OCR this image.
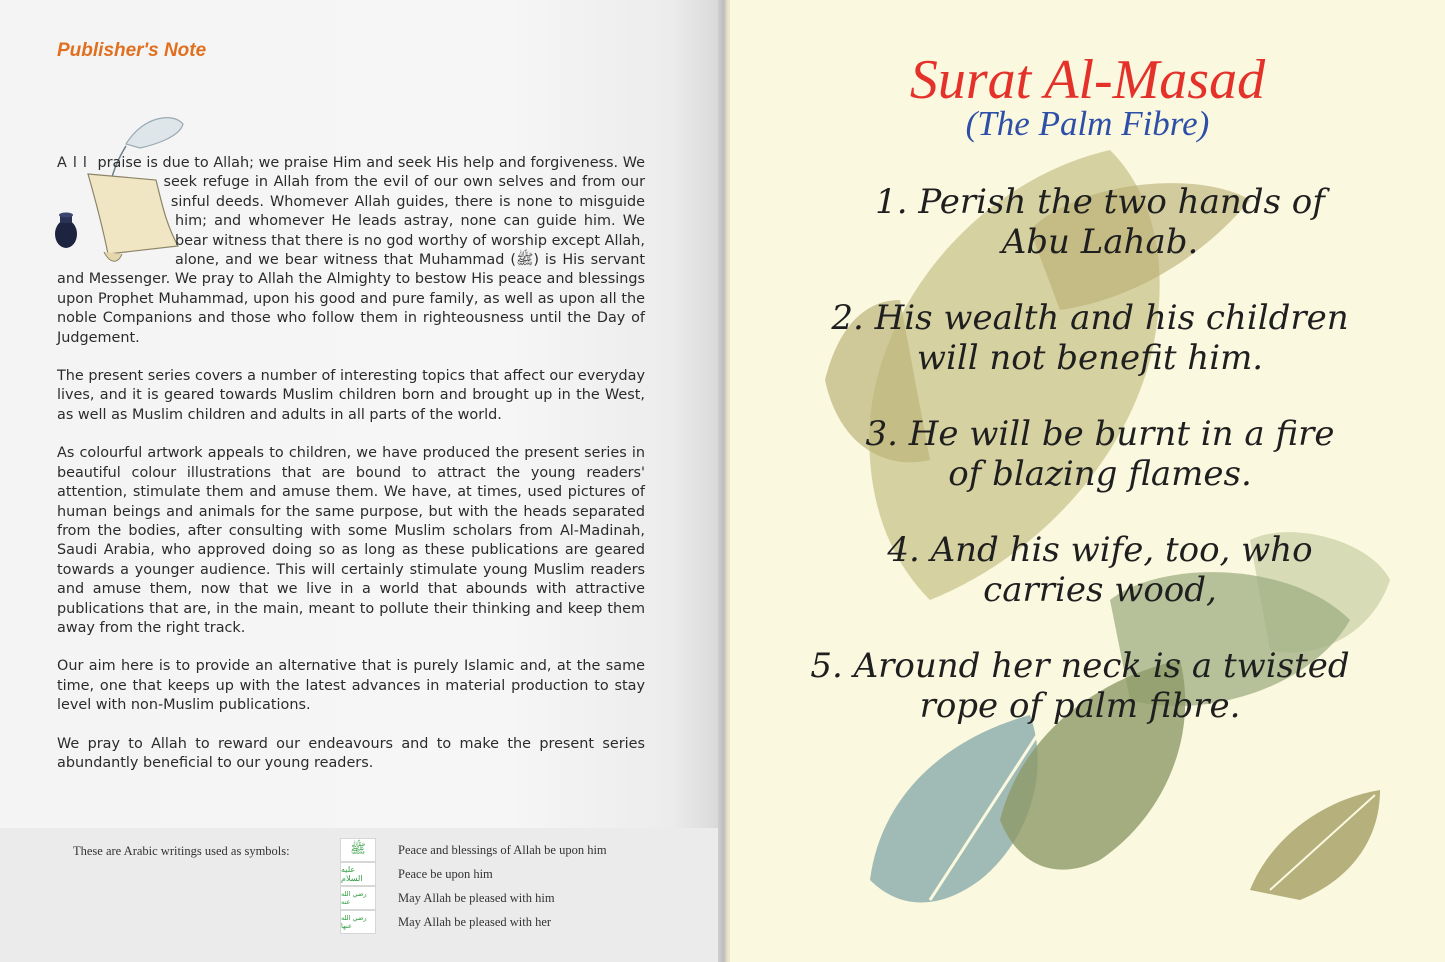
Publisher's Note

All praise is due to Allah; we praise Him and seek His help and forgiveness. We seek refuge in Allah from the evil of our own selves and from our sinful deeds. Whomever Allah guides, there is none to misguide him; and whomever He leads astray, none can guide him. We bear witness that there is no god worthy of worship except Allah, alone, and we bear witness that Muhammad (ﷺ) is His servant and Messenger. We pray to Allah the Almighty to bestow His peace and blessings upon Prophet Muhammad, upon his good and pure family, as well as upon all the noble Companions and those who follow them in righteousness until the Day of Judgement.

The present series covers a number of interesting topics that affect our everyday lives, and it is geared towards Muslim children born and brought up in the West, as well as Muslim children and adults in all parts of the world.

As colourful artwork appeals to children, we have produced the present series in beautiful colour illustrations that are bound to attract the young readers' attention, stimulate them and amuse them. We have, at times, used pictures of human beings and animals for the same purpose, but with the heads separated from the bodies, after consulting with some Muslim scholars from Al-Madinah, Saudi Arabia, who approved doing so as long as these publications are geared towards a younger audience. This will certainly stimulate young Muslim readers and amuse them, now that we live in a world that abounds with attractive publications that are, in the main, meant to pollute their thinking and keep them away from the right track.

Our aim here is to provide an alternative that is purely Islamic and, at the same time, one that keeps up with the latest advances in material production to stay level with non-Muslim publications.

We pray to Allah to reward our endeavours and to make the present series abundantly beneficial to our young readers.

These are Arabic writings used as symbols:	ﷺ	Peace and blessings of Allah be upon him
عليه السلام	Peace be upon him
رضي الله عنه	May Allah be pleased with him
رضي الله عنها	May Allah be pleased with her
Surat Al-Masad
(The Palm Fibre)
1. Perish the two hands of
Abu Lahab.
2. His wealth and his children
will not benefit him.
3. He will be burnt in a fire
of blazing flames.
4. And his wife, too, who
carries wood,
5. Around her neck is a twisted
rope of palm fibre.
